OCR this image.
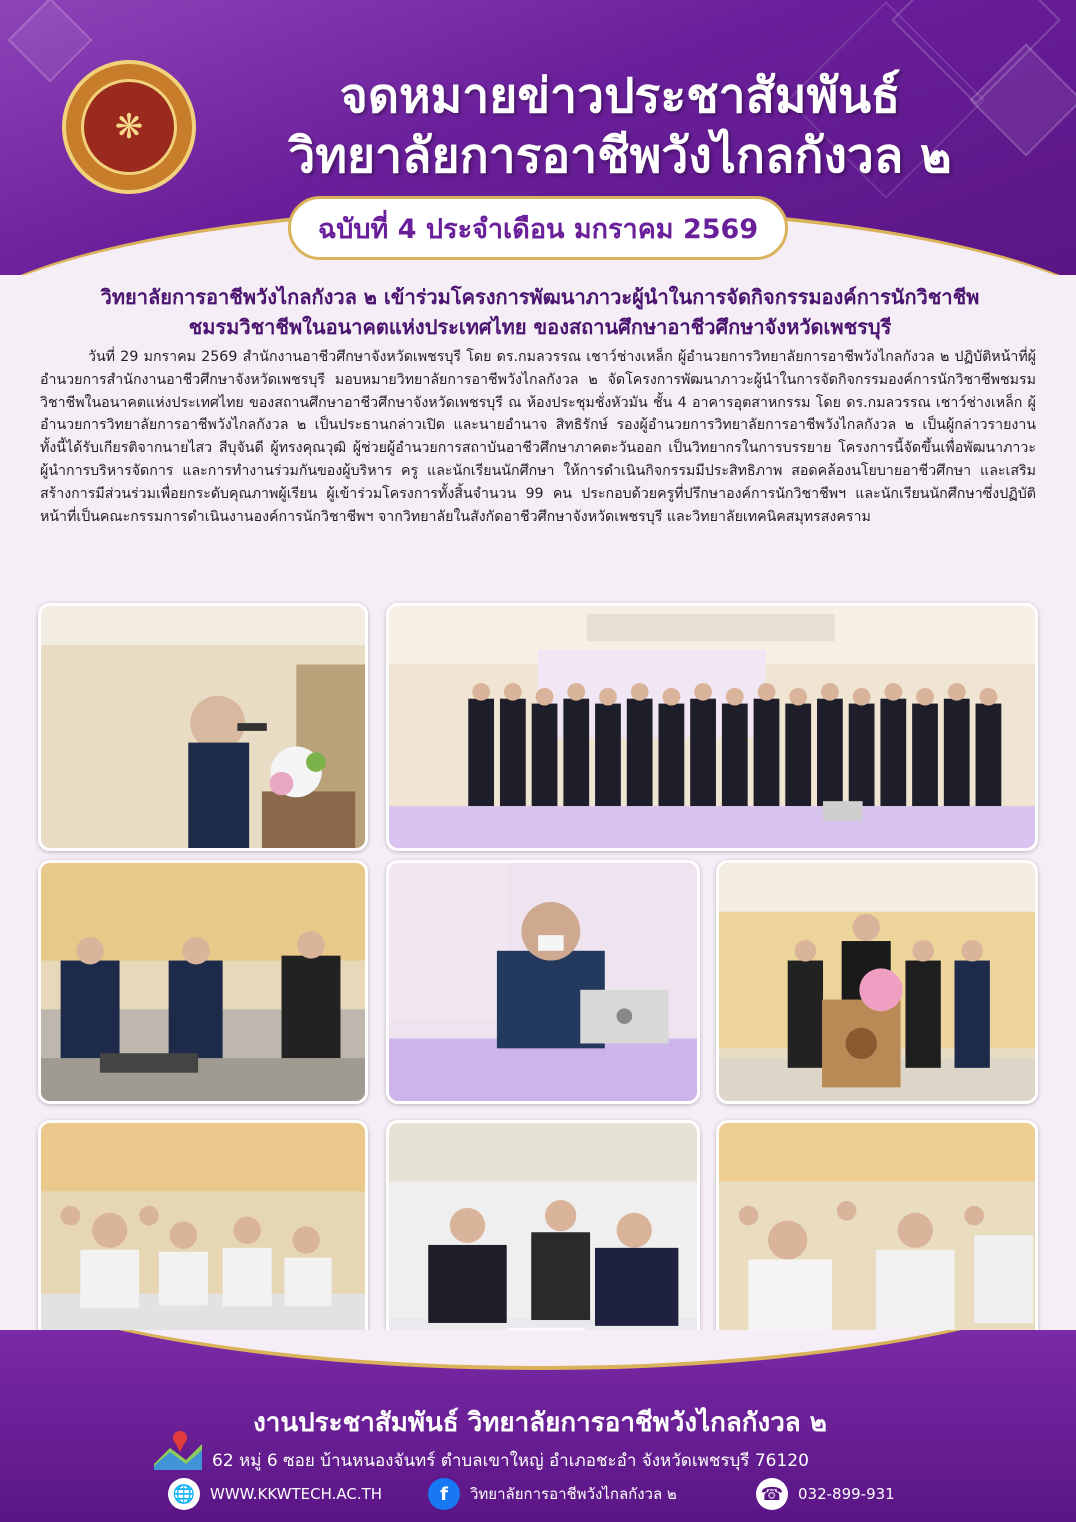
❋
จดหมายข่าวประชาสัมพันธ์
วิทยาลัยการอาชีพวังไกลกังวล ๒
ฉบับที่ 4 ประจำเดือน มกราคม 2569
วิทยาลัยการอาชีพวังไกลกังวล ๒ เข้าร่วมโครงการพัฒนาภาวะผู้นำในการจัดกิจกรรมองค์การนักวิชาชีพ
ชมรมวิชาชีพในอนาคตแห่งประเทศไทย ของสถานศึกษาอาชีวศึกษาจังหวัดเพชรบุรี

วันที่ 29 มกราคม 2569 สำนักงานอาชีวศึกษาจังหวัดเพชรบุรี โดย ดร.กมลวรรณ เชาว์ช่างเหล็ก ผู้อำนวยการวิทยาลัยการอาชีพวังไกลกังวล ๒ ปฏิบัติหน้าที่ผู้อำนวยการสำนักงานอาชีวศึกษาจังหวัดเพชรบุรี มอบหมายวิทยาลัยการอาชีพวังไกลกังวล ๒ จัดโครงการพัฒนาภาวะผู้นำในการจัดกิจกรรมองค์การนักวิชาชีพชมรมวิชาชีพในอนาคตแห่งประเทศไทย ของสถานศึกษาอาชีวศึกษาจังหวัดเพชรบุรี ณ ห้องประชุมชั่งหัวมัน ชั้น 4 อาคารอุตสาหกรรม โดย ดร.กมลวรรณ เชาว์ช่างเหล็ก ผู้อำนวยการวิทยาลัยการอาชีพวังไกลกังวล ๒ เป็นประธานกล่าวเปิด และนายอำนาจ สิทธิรักษ์ รองผู้อำนวยการวิทยาลัยการอาชีพวังไกลกังวล ๒ เป็นผู้กล่าวรายงาน ทั้งนี้ได้รับเกียรติจากนายไสว สีบุจันดี ผู้ทรงคุณวุฒิ ผู้ช่วยผู้อำนวยการสถาบันอาชีวศึกษาภาคตะวันออก เป็นวิทยากรในการบรรยาย โครงการนี้จัดขึ้นเพื่อพัฒนาภาวะผู้นำการบริหารจัดการ และการทำงานร่วมกันของผู้บริหาร ครู และนักเรียนนักศึกษา ให้การดำเนินกิจกรรมมีประสิทธิภาพ สอดคล้องนโยบายอาชีวศึกษา และเสริมสร้างการมีส่วนร่วมเพื่อยกระดับคุณภาพผู้เรียน ผู้เข้าร่วมโครงการทั้งสิ้นจำนวน 99 คน ประกอบด้วยครูที่ปรึกษาองค์การนักวิชาชีพฯ และนักเรียนนักศึกษาซึ่งปฏิบัติหน้าที่เป็นคณะกรรมการดำเนินงานองค์การนักวิชาชีพฯ จากวิทยาลัยในสังกัดอาชีวศึกษาจังหวัดเพชรบุรี และวิทยาลัยเทคนิคสมุทรสงคราม

งานประชาสัมพันธ์ วิทยาลัยการอาชีพวังไกลกังวล ๒
62 หมู่ 6 ซอย บ้านหนองจันทร์ ตำบลเขาใหญ่ อำเภอชะอำ จังหวัดเพชรบุรี 76120
🌐 WWW.KKWTECH.AC.TH	f	วิทยาลัยการอาชีพวังไกลกังวล ๒	☎ 032-899-931
